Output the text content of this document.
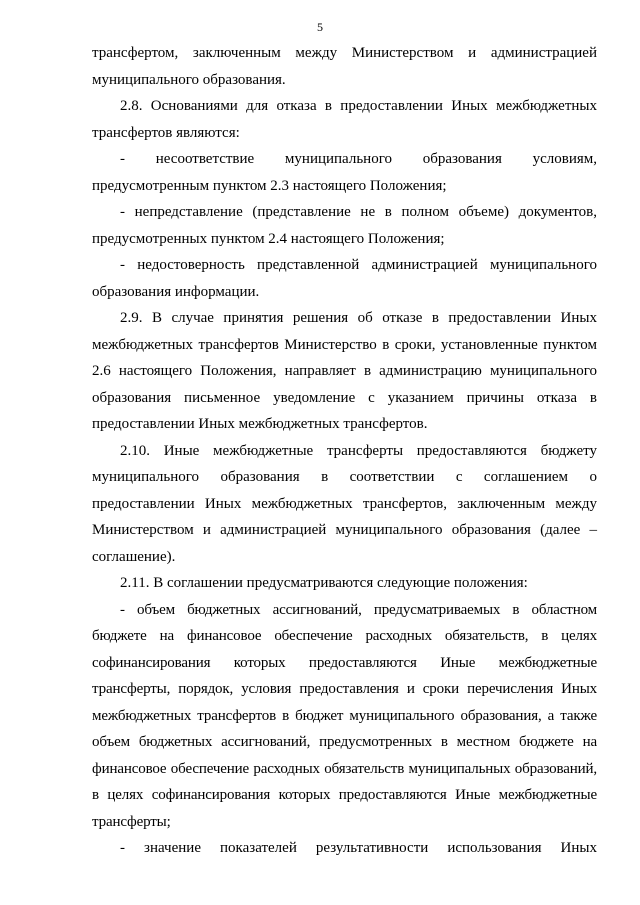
5

трансфертом, заключенным между Министерством и администрацией муниципального образования.

2.8. Основаниями для отказа в предоставлении Иных межбюджетных трансфертов являются:

- несоответствие муниципального образования условиям, предусмотренным пунктом 2.3 настоящего Положения;

- непредставление (представление не в полном объеме) документов, предусмотренных пунктом 2.4 настоящего Положения;

- недостоверность представленной администрацией муниципального образования информации.

2.9. В случае принятия решения об отказе в предоставлении Иных межбюджетных трансфертов Министерство в сроки, установленные пунктом 2.6 настоящего Положения, направляет в администрацию муниципального образования письменное уведомление с указанием причины отказа в предоставлении Иных межбюджетных трансфертов.

2.10. Иные межбюджетные трансферты предоставляются бюджету муниципального образования в соответствии с соглашением о предоставлении Иных межбюджетных трансфертов, заключенным между Министерством и администрацией муниципального образования (далее – соглашение).

2.11. В соглашении предусматриваются следующие положения:

- объем бюджетных ассигнований, предусматриваемых в областном бюджете на финансовое обеспечение расходных обязательств, в целях софинансирования которых предоставляются Иные межбюджетные трансферты, порядок, условия предоставления и сроки перечисления Иных межбюджетных трансфертов в бюджет муниципального образования, а также объем бюджетных ассигнований, предусмотренных в местном бюджете на финансовое обеспечение расходных обязательств муниципальных образований, в целях софинансирования которых предоставляются Иные межбюджетные трансферты;

- значение показателей результативности использования Иных
